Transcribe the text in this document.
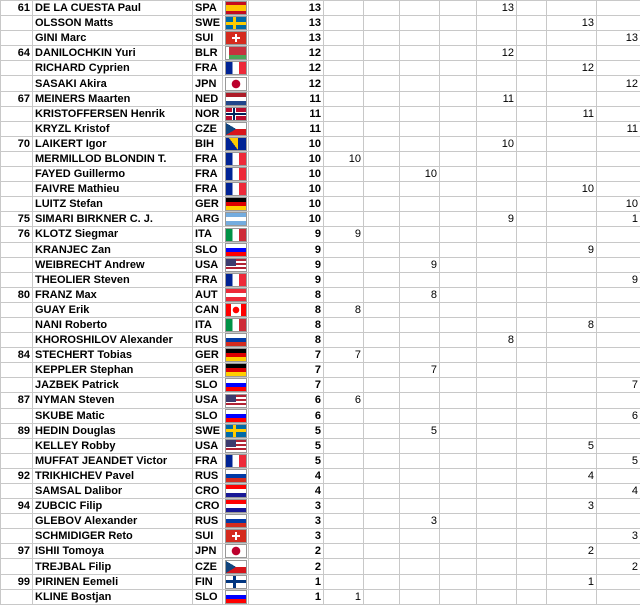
61	DE LA CUESTA Paul	SPA		13					13			
	OLSSON Matts	SWE		13							13	
	GINI Marc	SUI		13								13
64	DANILOCHKIN Yuri	BLR		12					12			
	RICHARD Cyprien	FRA		12							12	
	SASAKI Akira	JPN		12								12
67	MEINERS Maarten	NED		11					11			
	KRISTOFFERSEN Henrik	NOR		11							11	
	KRYZL Kristof	CZE		11								11
70	LAIKERT Igor	BIH		10					10			
	MERMILLOD BLONDIN T.	FRA		10	10							
	FAYED Guillermo	FRA		10			10					
	FAIVRE Mathieu	FRA		10							10	
	LUITZ Stefan	GER		10								10
75	SIMARI BIRKNER C. J.	ARG		10					9			1
76	KLOTZ Siegmar	ITA		9	9							
	KRANJEC Zan	SLO		9							9	
	WEIBRECHT Andrew	USA		9			9					
	THEOLIER Steven	FRA		9								9
80	FRANZ Max	AUT		8			8					
	GUAY Erik	CAN		8	8							
	NANI Roberto	ITA		8							8	
	KHOROSHILOV Alexander	RUS		8					8			
84	STECHERT Tobias	GER		7	7							
	KEPPLER Stephan	GER		7			7					
	JAZBEK Patrick	SLO		7								7
87	NYMAN Steven	USA		6	6							
	SKUBE Matic	SLO		6								6
89	HEDIN Douglas	SWE		5			5					
	KELLEY Robby	USA		5							5	
	MUFFAT JEANDET Victor	FRA		5								5
92	TRIKHICHEV Pavel	RUS		4							4	
	SAMSAL Dalibor	CRO		4								4
94	ZUBCIC Filip	CRO		3							3	
	GLEBOV Alexander	RUS		3			3					
	SCHMIDIGER Reto	SUI		3								3
97	ISHII Tomoya	JPN		2							2	
	TREJBAL Filip	CZE		2								2
99	PIRINEN Eemeli	FIN		1							1	
	KLINE Bostjan	SLO		1	1							
